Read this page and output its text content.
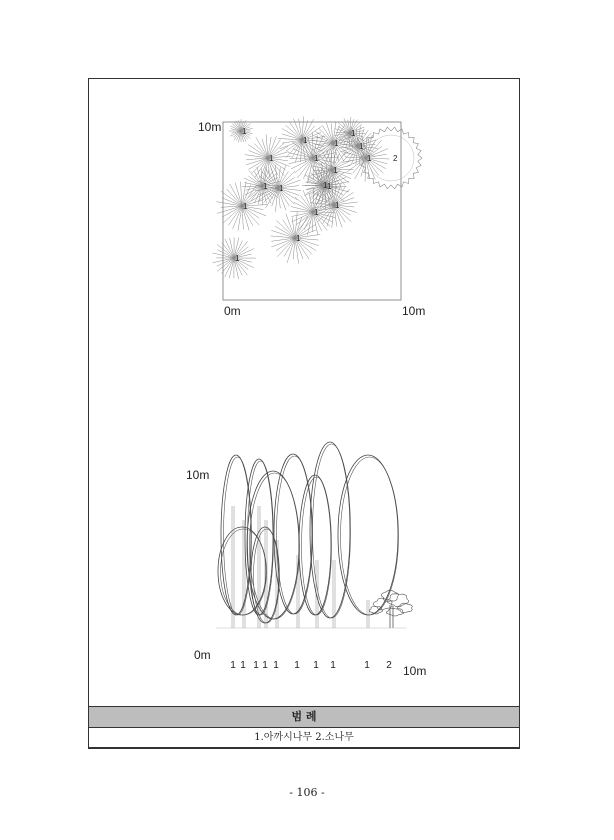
10m
0m	10m
10m
0m
10m
1
1
1
1
1
1
1
1
1
1 1	1
1
1
1
1
1
1
2
1 1 1 1 1 1 1 1	1 2
범 례
1.아까시나무 2.소나무
- 106 -
